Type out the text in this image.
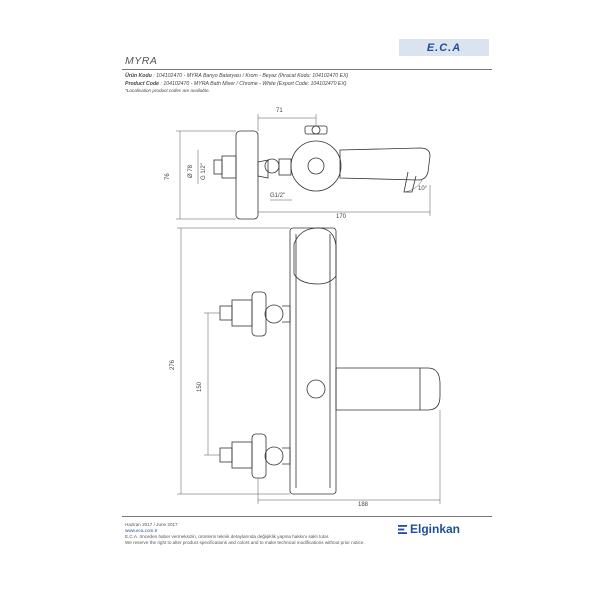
E.C.A
MYRA
Ürün Kodu : 104102470 - MYRA Banyo Bataryası / Krom - Beyaz (İhracat Kodu: 104102470 EX)
Product Code : 104102470 - MYRA Bath Mixer / Chrome - White (Export Code: 104102470 EX)
*Localisation product codes are available.
71
76	Ø 78 G 1/2"
G1/2"
10°
170
276
150
188
Haziran 2017 / June 2017
www.eca.com.tr
E.C.A. önceden haber vermeksizin, ürünlerin teknik detaylarında değişiklik yapma hakkını saklı tutar.
We reserve the right to alter product specifications and colors and to make technical modifications without prior notice.
Elginkan
